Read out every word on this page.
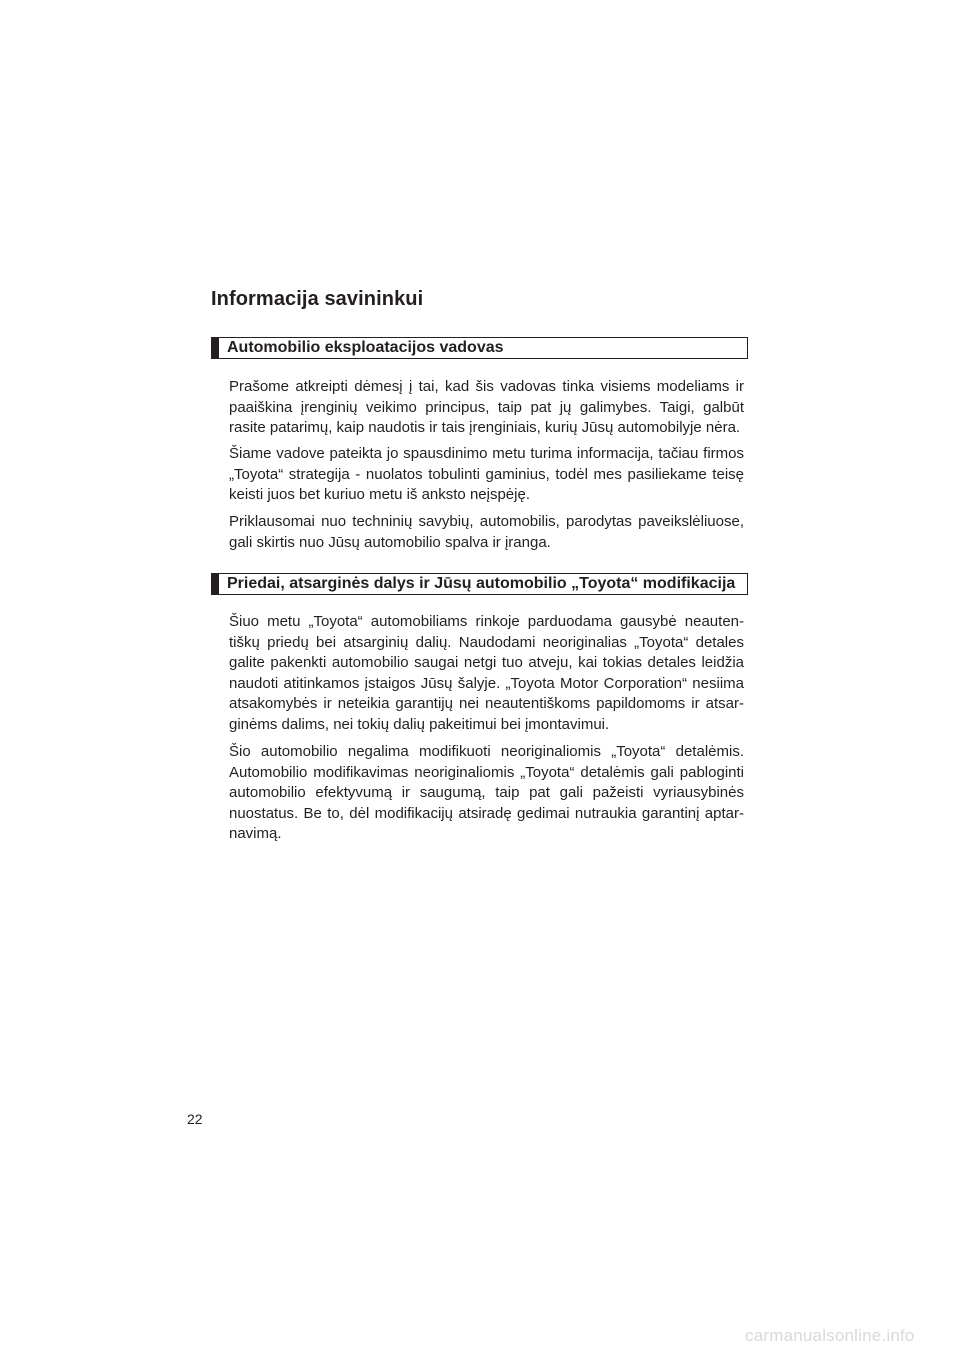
Informacija savininkui
Automobilio eksploatacijos vadovas

Prašome atkreipti dėmesį į tai, kad šis vadovas tinka visiems modeliams ir paaiškina įrenginių veikimo principus, taip pat jų galimybes. Taigi, galbūt rasite patarimų, kaip naudotis ir tais įrenginiais, kurių Jūsų automobilyje nėra.

Šiame vadove pateikta jo spausdinimo metu turima informacija, tačiau firmos „Toyota“ strategija - nuolatos tobulinti gaminius, todėl mes pasiliekame teisę keisti juos bet kuriuo metu iš anksto neįspėję.

Priklausomai nuo techninių savybių, automobilis, parodytas paveikslėliuose, gali skirtis nuo Jūsų automobilio spalva ir įranga.

Priedai, atsarginės dalys ir Jūsų automobilio „Toyota“ modifikacija

Šiuo metu „Toyota“ automobiliams rinkoje parduodama gausybė neauten-tiškų priedų bei atsarginių dalių. Naudodami neoriginalias „Toyota“ detales galite pakenkti automobilio saugai netgi tuo atveju, kai tokias detales leidžia naudoti atitinkamos įstaigos Jūsų šalyje. „Toyota Motor Corporation“ nesiima atsakomybės ir neteikia garantijų nei neautentiškoms papildomoms ir atsar-ginėms dalims, nei tokių dalių pakeitimui bei įmontavimui.

Šio automobilio negalima modifikuoti neoriginaliomis „Toyota“ detalėmis. Automobilio modifikavimas neoriginaliomis „Toyota“ detalėmis gali pabloginti automobilio efektyvumą ir saugumą, taip pat gali pažeisti vyriausybinės nuostatus. Be to, dėl modifikacijų atsiradę gedimai nutraukia garantinį aptar-navimą.

22
carmanualsonline.info
